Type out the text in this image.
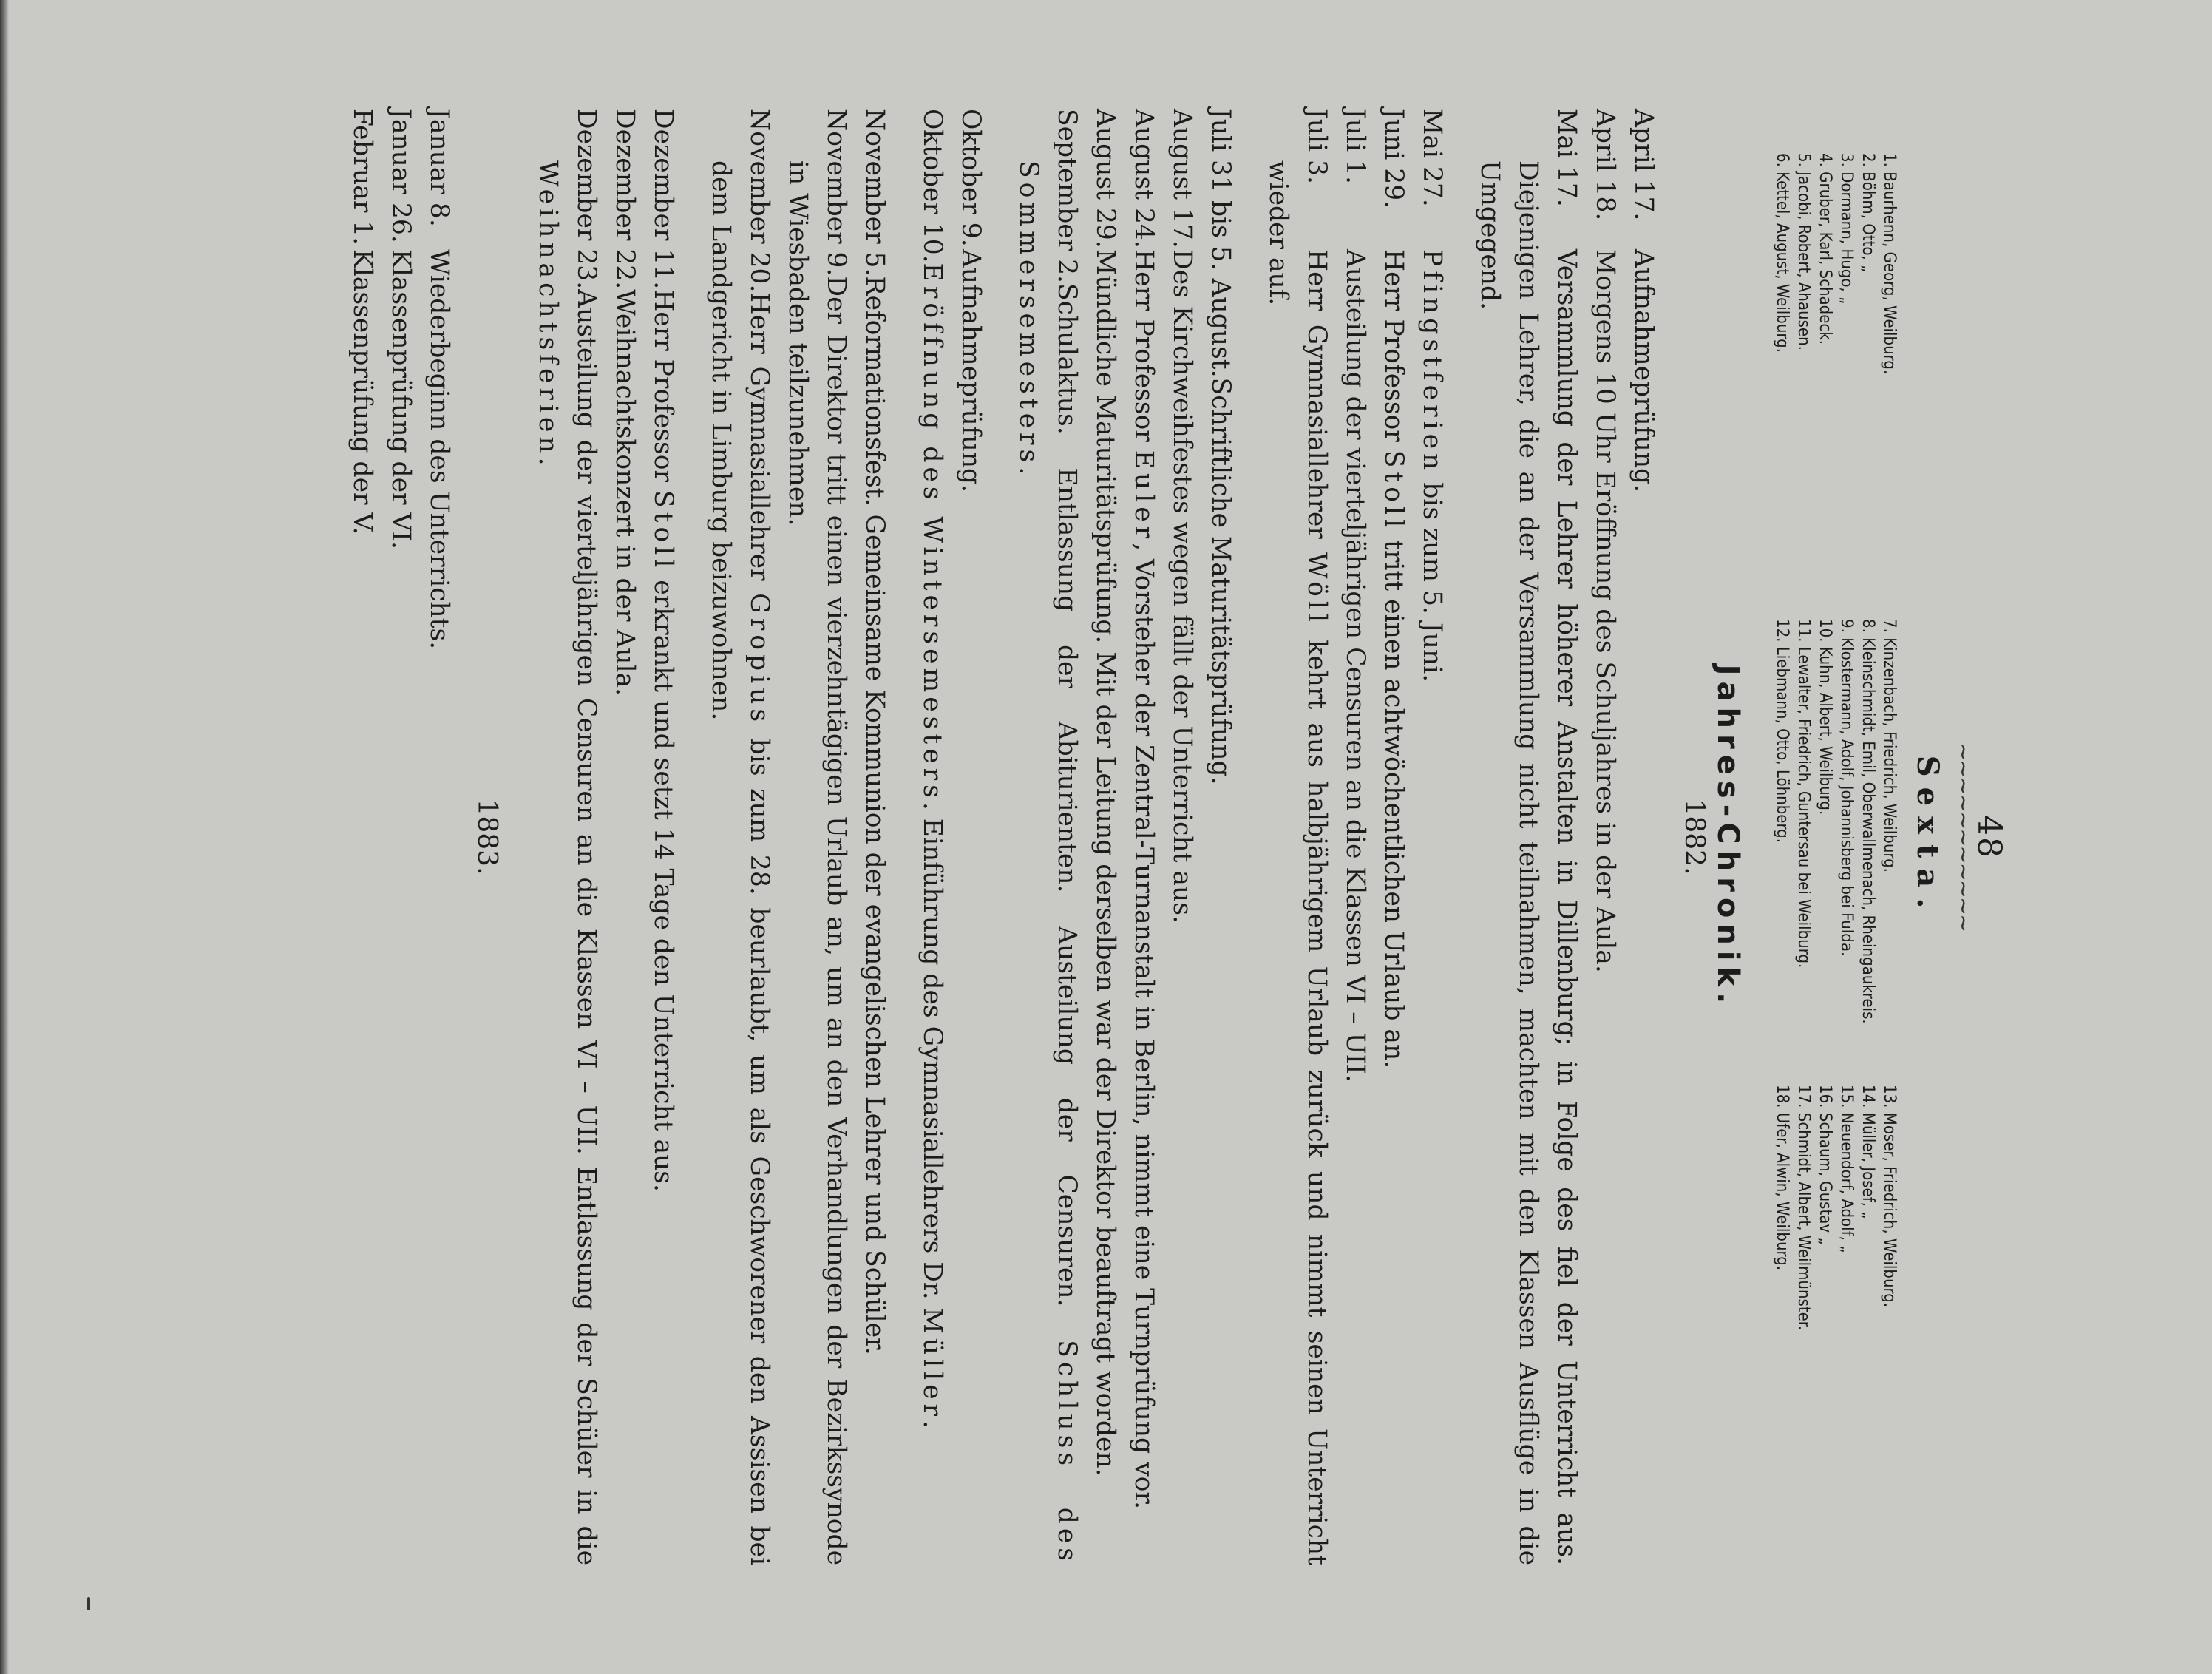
48
~~~~~~~~~~~
Sexta.
1. Baurhenn, Georg, Weilburg.
7. Kinzenbach, Friedrich, Weilburg.
13. Moser, Friedrich, Weilburg.
2. Böhm, Otto, „
8. Kleinschmidt, Emil, Oberwallmenach, Rheingaukreis.
14. Müller, Josef, „
3. Dormann, Hugo, „
9. Klostermann, Adolf, Johannisberg bei Fulda.
15. Neuendorf, Adolf, „
4. Gruber, Karl, Schadeck.
10. Kuhn, Albert, Weilburg.
16. Schaum, Gustav „
5. Jacobi, Robert, Ahausen.
11. Lewalter, Friedrich, Guntersau bei Weilburg.
17. Schmidt, Albert, Weilmünster.
6. Kettel, August, Weilburg.
12. Liebmann, Otto, Löhnberg.
18. Ufer, Alwin, Weilburg.
Jahres-Chronik.
1882.
April 17.Aufnahmeprüfung.
April 18.Morgens 10 Uhr Eröffnung des Schuljahres in der Aula.
Mai 17.Versammlung der Lehrer höherer Anstalten in Dillenburg; in Folge des fiel der Unterricht aus. Diejenigen Lehrer, die an der Versammlung nicht teilnahmen, machten mit den Klassen Ausflüge in die Umgegend.
Mai 27.Pfingstferien bis zum 5. Juni.
Juni 29.Herr Professor Stoll tritt einen achtwöchentlichen Urlaub an.
Juli 1.Austeilung der vierteljährigen Censuren an die Klassen VI – UII.
Juli 3.Herr Gymnasiallehrer Wöll kehrt aus halbjährigem Urlaub zurück und nimmt seinen Unterricht wieder auf.
Juli 31 bis 5. August.Schriftliche Maturitätsprüfung.
August 17.Des Kirchweihfestes wegen fällt der Unterricht aus.
August 24.Herr Professor Euler, Vorsteher der Zentral-Turnanstalt in Berlin, nimmt eine Turnprüfung vor.
August 29.Mündliche Maturitätsprüfung. Mit der Leitung derselben war der Direktor beauftragt worden.
September 2.Schulaktus. Entlassung der Abiturienten. Austeilung der Censuren. Schluss des Sommersemesters.
Oktober 9.Aufnahmeprüfung.
Oktober 10.Eröffnung des Wintersemesters. Einführung des Gymnasiallehrers Dr. Müller.
November 5.Reformationsfest. Gemeinsame Kommunion der evangelischen Lehrer und Schüler.
November 9.Der Direktor tritt einen vierzehntägigen Urlaub an, um an den Verhandlungen der Bezirkssynode in Wiesbaden teilzunehmen.
November 20.Herr Gymnasiallehrer Gropius bis zum 28. beurlaubt, um als Geschworener den Assisen bei dem Landgericht in Limburg beizuwohnen.
Dezember 11.Herr Professor Stoll erkrankt und setzt 14 Tage den Unterricht aus.
Dezember 22.Weihnachtskonzert in der Aula.
Dezember 23.Austeilung der vierteljährigen Censuren an die Klassen VI – UII. Entlassung der Schüler in die Weihnachtsferien.
1883.
Januar 8.Wiederbeginn des Unterrichts.
Januar 26.Klassenprüfung der VI.
Februar 1.Klassenprüfung der V.
